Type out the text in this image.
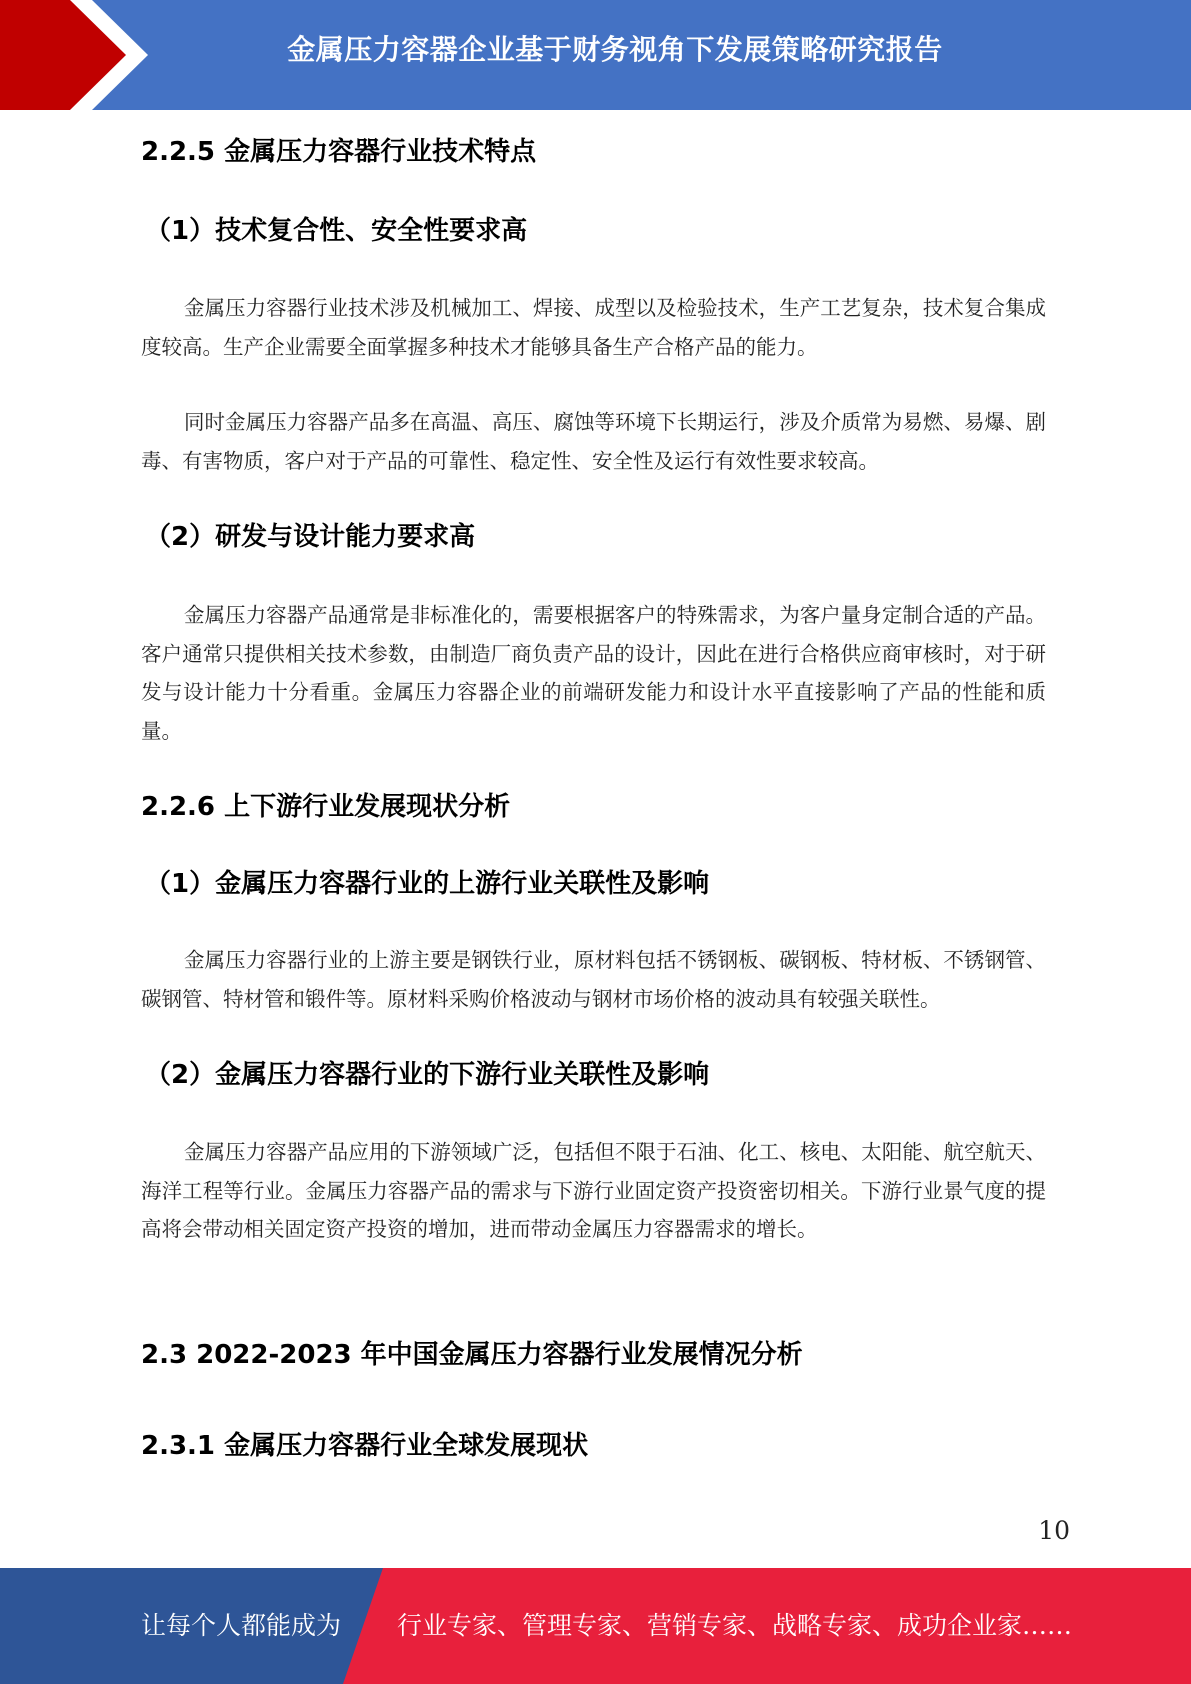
金属压力容器企业基于财务视角下发展策略研究报告
2.2.5 金属压力容器行业技术特点
（1）技术复合性、安全性要求高
金属压力容器行业技术涉及机械加工、焊接、成型以及检验技术，生产工艺复杂，技术复合集成度较高。生产企业需要全面掌握多种技术才能够具备生产合格产品的能力。
同时金属压力容器产品多在高温、高压、腐蚀等环境下长期运行，涉及介质常为易燃、易爆、剧毒、有害物质，客户对于产品的可靠性、稳定性、安全性及运行有效性要求较高。
（2）研发与设计能力要求高
金属压力容器产品通常是非标准化的，需要根据客户的特殊需求，为客户量身定制合适的产品。客户通常只提供相关技术参数，由制造厂商负责产品的设计，因此在进行合格供应商审核时，对于研发与设计能力十分看重。金属压力容器企业的前端研发能力和设计水平直接影响了产品的性能和质量。
2.2.6 上下游行业发展现状分析
（1）金属压力容器行业的上游行业关联性及影响
金属压力容器行业的上游主要是钢铁行业，原材料包括不锈钢板、碳钢板、特材板、不锈钢管、碳钢管、特材管和锻件等。原材料采购价格波动与钢材市场价格的波动具有较强关联性。
（2）金属压力容器行业的下游行业关联性及影响
金属压力容器产品应用的下游领域广泛，包括但不限于石油、化工、核电、太阳能、航空航天、海洋工程等行业。金属压力容器产品的需求与下游行业固定资产投资密切相关。下游行业景气度的提高将会带动相关固定资产投资的增加，进而带动金属压力容器需求的增长。
2.3 2022-2023 年中国金属压力容器行业发展情况分析
2.3.1 金属压力容器行业全球发展现状
10
让每个人都能成为 行业专家、管理专家、营销专家、战略专家、成功企业家……
